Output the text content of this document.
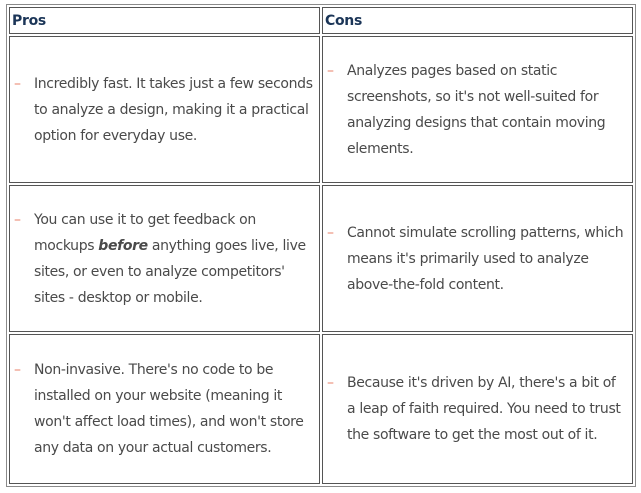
Pros	Cons

– Incredibly fast. It takes just a few seconds to analyze a design, making it a practical option for everyday use.	– Analyzes pages based on static screenshots, so it's not well-suited for analyzing designs that contain moving elements.

– You can use it to get feedback on mockups before anything goes live, live sites, or even to analyze competitors' sites - desktop or mobile.	– Cannot simulate scrolling patterns, which means it's primarily used to analyze above-the-fold content.

– Non-invasive. There's no code to be installed on your website (meaning it won't affect load times), and won't store any data on your actual customers.	– Because it's driven by AI, there's a bit of a leap of faith required. You need to trust the software to get the most out of it.
